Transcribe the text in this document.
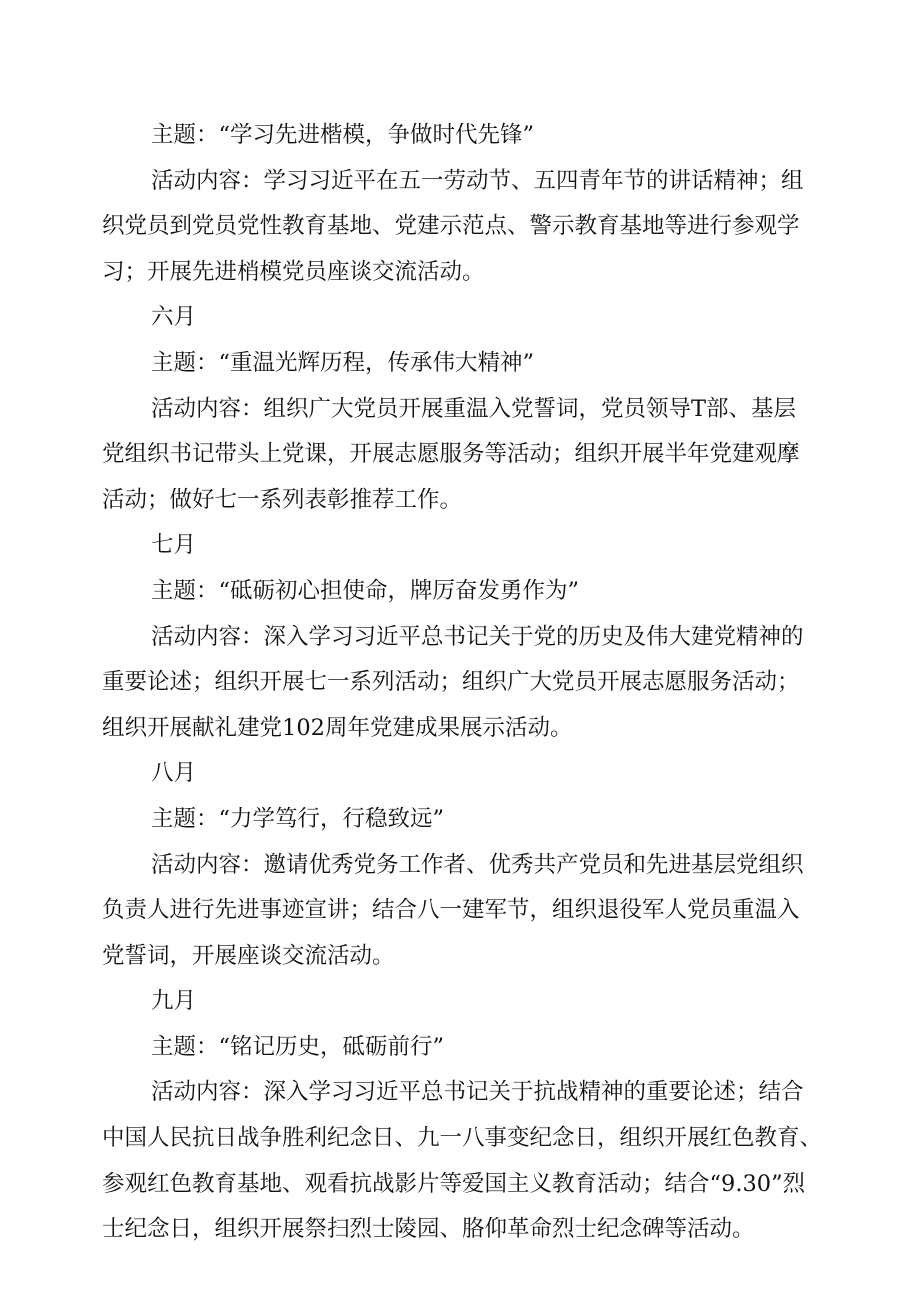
主题：“学习先进楷模，争做时代先锋”
活动内容：学习习近平在五一劳动节、五四青年节的讲话精神；组
织党员到党员党性教育基地、党建示范点、警示教育基地等进行参观学
习；开展先进梢模党员座谈交流活动。
六月
主题：“重温光辉历程，传承伟大精神”
活动内容：组织广大党员开展重温入党誓词，党员领导T部、基层
党组织书记带头上党课，开展志愿服务等活动；组织开展半年党建观摩
活动；做好七一系列表彰推荐工作。
七月
主题：“砥砺初心担使命，牌厉奋发勇作为”
活动内容：深入学习习近平总书记关于党的历史及伟大建党精神的
重要论述；组织开展七一系列活动；组织广大党员开展志愿服务活动；
组织开展献礼建党102周年党建成果展示活动。
八月
主题：“力学笃行，行稳致远”
活动内容：邀请优秀党务工作者、优秀共产党员和先进基层党组织
负责人进行先进事迹宣讲；结合八一建军节，组织退役军人党员重温入
党誓词，开展座谈交流活动。
九月
主题：“铭记历史，砥砺前行”
活动内容：深入学习习近平总书记关于抗战精神的重要论述；结合
中国人民抗日战争胜利纪念日、九一八事变纪念日，组织开展红色教育、
参观红色教育基地、观看抗战影片等爱国主义教育活动；结合“9.30”烈
士纪念日，组织开展祭扫烈士陵园、胳仰革命烈士纪念碑等活动。
